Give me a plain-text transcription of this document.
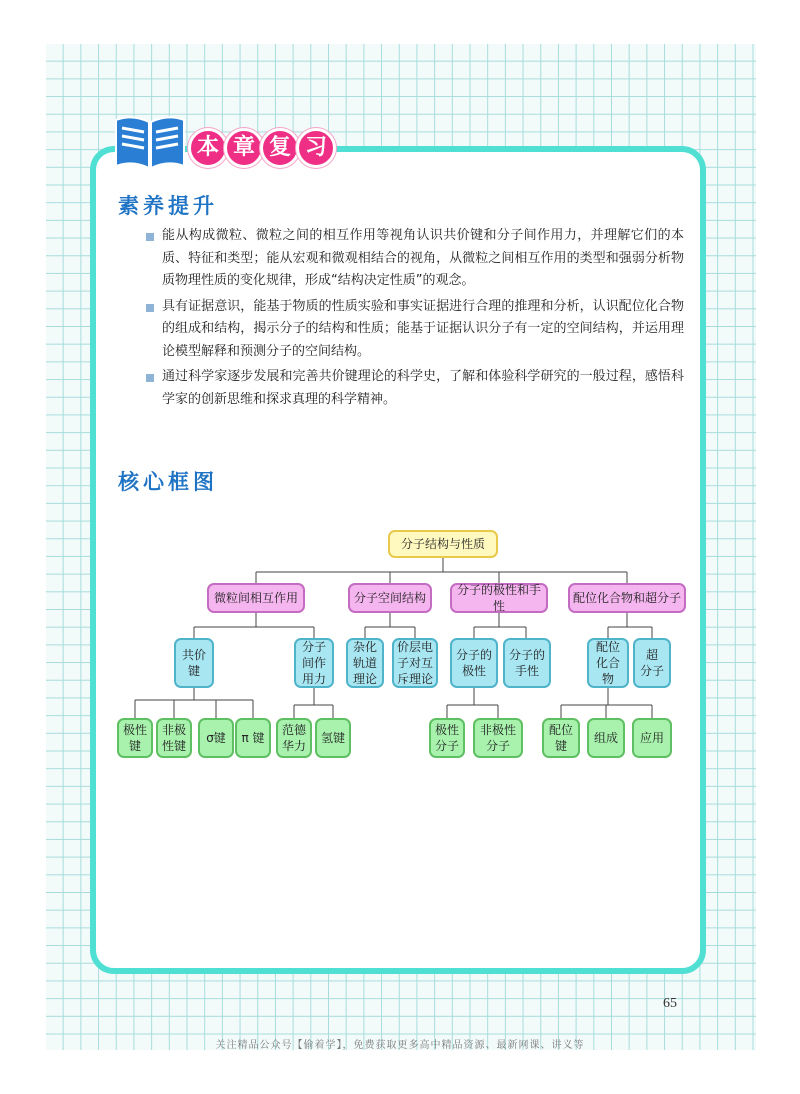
本 章 复 习
素养提升
能从构成微粒、微粒之间的相互作用等视角认识共价键和分子间作用力，并理解它们的本质、特征和类型；能从宏观和微观相结合的视角，从微粒之间相互作用的类型和强弱分析物质物理性质的变化规律，形成“结构决定性质”的观念。
具有证据意识，能基于物质的性质实验和事实证据进行合理的推理和分析，认识配位化合物的组成和结构，揭示分子的结构和性质；能基于证据认识分子有一定的空间结构，并运用理论模型解释和预测分子的空间结构。
通过科学家逐步发展和完善共价键理论的科学史，了解和体验科学研究的一般过程，感悟科学家的创新思维和探求真理的科学精神。
核心框图
分子结构与性质
微粒间相互作用	分子空间结构
分子的极性和手性
配位化合物和超分子
共价
键
分子
间作
用力
杂化
轨道
理论
价层电
子对互
斥理论
分子的
极性
分子的
手性
配位
化合
物
超
分子
极性
键
非极
性键
σ键	π 键
范德
华力
氢键
极性
分子
非极性
分子
配位
键
组成	应用
65
关注精品公众号【偷着学】，免费获取更多高中精品资源、最新网课、讲义等
